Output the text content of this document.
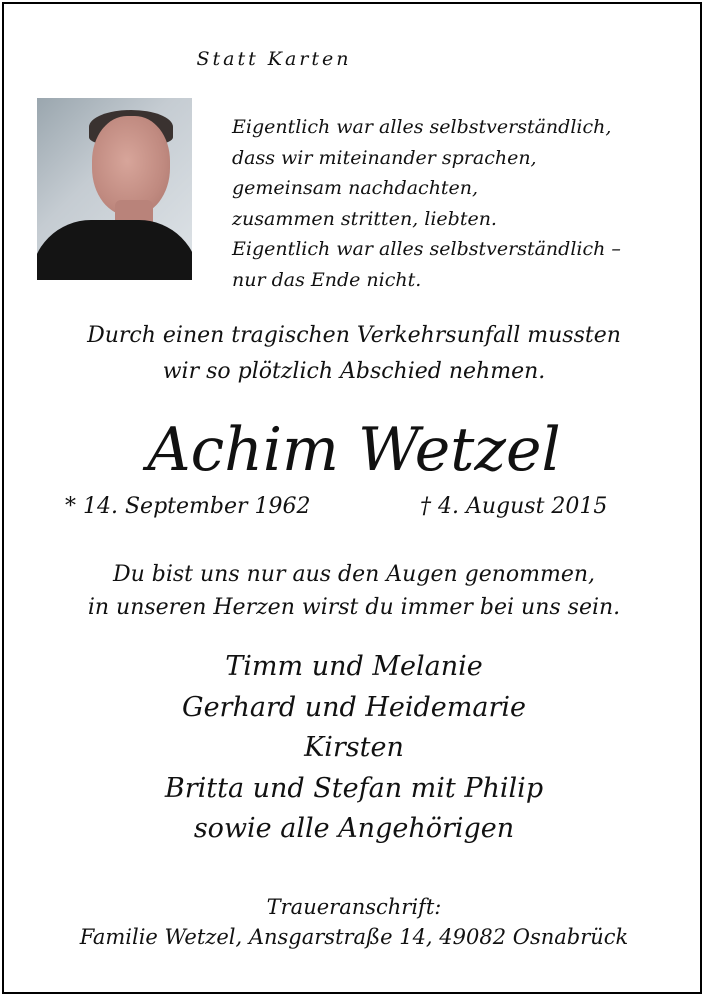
Statt Karten
Eigentlich war alles selbstverständlich,
dass wir miteinander sprachen,
gemeinsam nachdachten,
zusammen stritten, liebten.
Eigentlich war alles selbstverständlich –
nur das Ende nicht.
Durch einen tragischen Verkehrsunfall mussten
wir so plötzlich Abschied nehmen.
Achim Wetzel
* 14. September 1962	† 4. August 2015
Du bist uns nur aus den Augen genommen,
in unseren Herzen wirst du immer bei uns sein.
Timm und Melanie
Gerhard und Heidemarie
Kirsten
Britta und Stefan mit Philip
sowie alle Angehörigen
Traueranschrift:
Familie Wetzel, Ansgarstraße 14, 49082 Osnabrück
